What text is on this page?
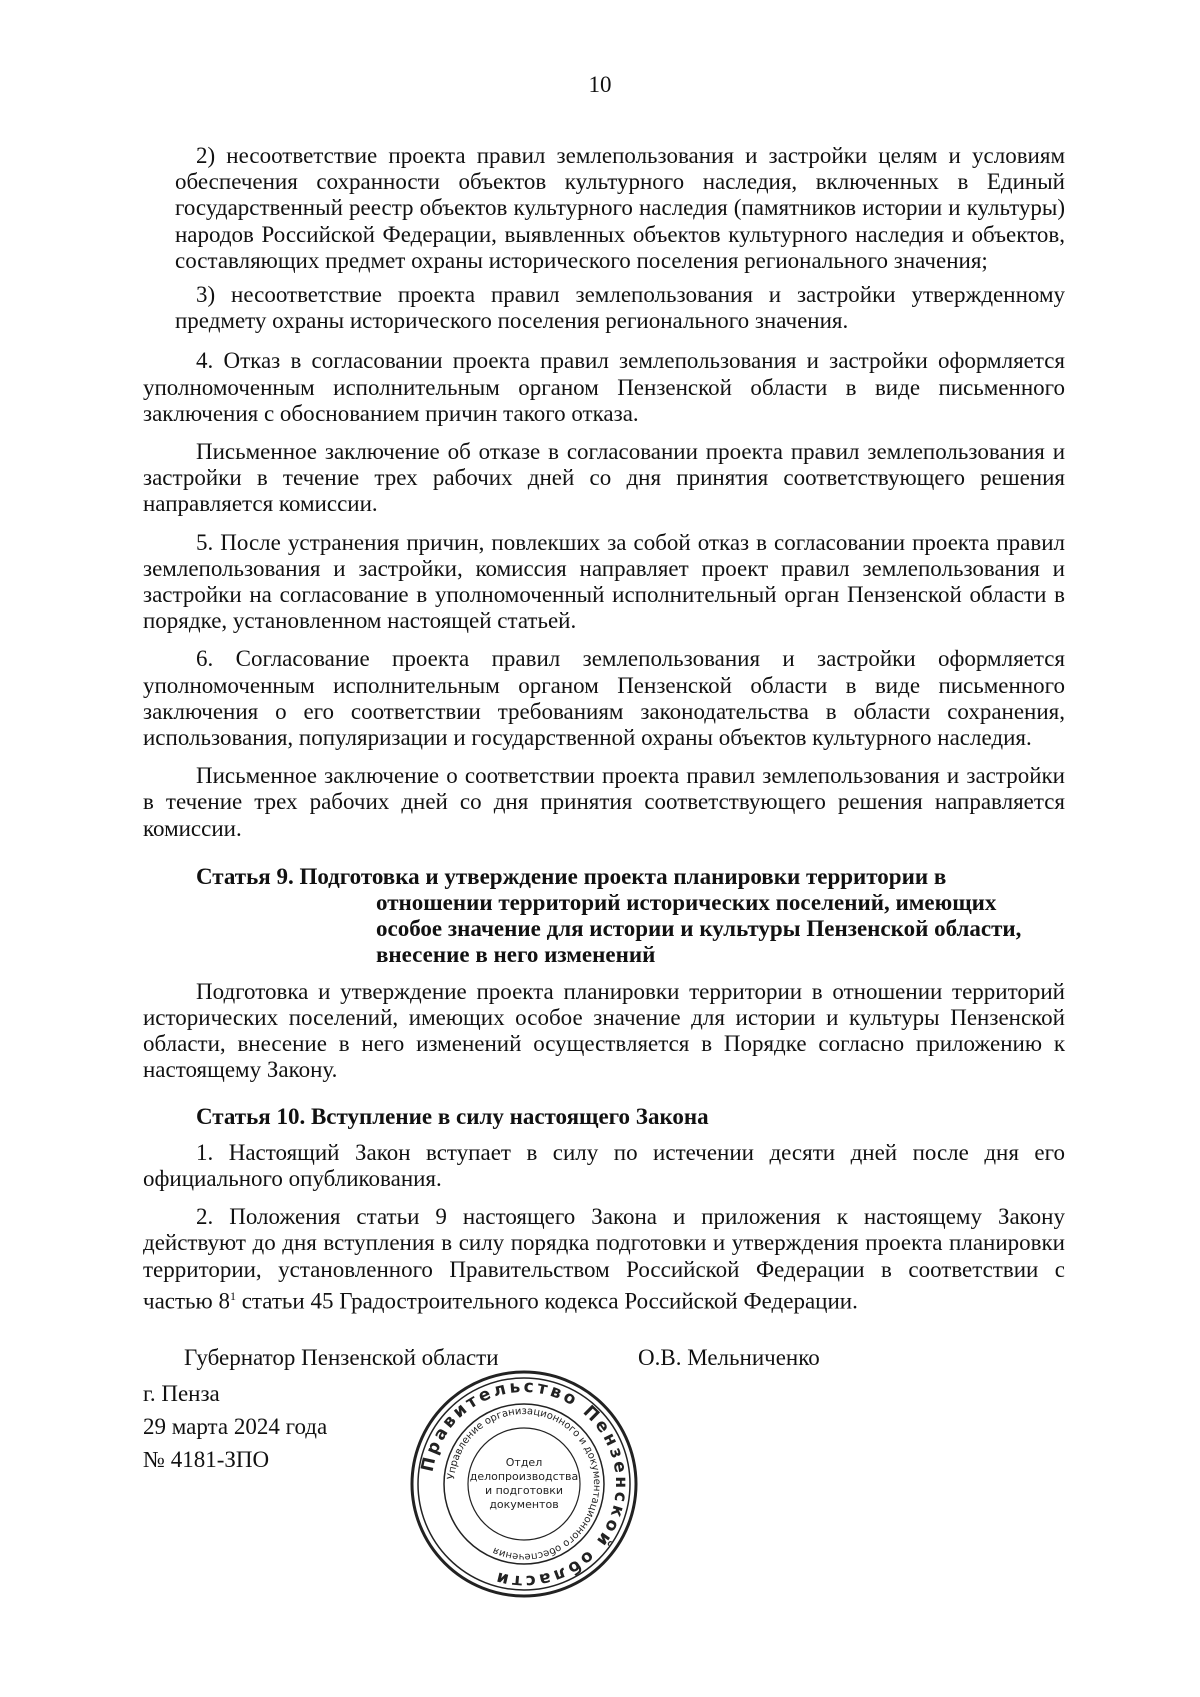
10

2) несоответствие проекта правил землепользования и застройки целям и условиям обеспечения сохранности объектов культурного наследия, включенных в Единый государственный реестр объектов культурного наследия (памятников истории и культуры) народов Российской Федерации, выявленных объектов культурного наследия и объектов, составляющих предмет охраны исторического поселения регионального значения;

3) несоответствие проекта правил землепользования и застройки утвержденному предмету охраны исторического поселения регионального значения.

4. Отказ в согласовании проекта правил землепользования и застройки оформляется уполномоченным исполнительным органом Пензенской области в виде письменного заключения с обоснованием причин такого отказа.

Письменное заключение об отказе в согласовании проекта правил землепользования и застройки в течение трех рабочих дней со дня принятия соответствующего решения направляется комиссии.

5. После устранения причин, повлекших за собой отказ в согласовании проекта правил землепользования и застройки, комиссия направляет проект правил землепользования и застройки на согласование в уполномоченный исполнительный орган Пензенской области в порядке, установленном настоящей статьей.

6. Согласование проекта правил землепользования и застройки оформляется уполномоченным исполнительным органом Пензенской области в виде письменного заключения о его соответствии требованиям законодательства в области сохранения, использования, популяризации и государственной охраны объектов культурного наследия.

Письменное заключение о соответствии проекта правил землепользования и застройки в течение трех рабочих дней со дня принятия соответствующего решения направляется комиссии.

Статья 9. Подготовка и утверждение проекта планировки территории в отношении территорий исторических поселений, имеющих особое значение для истории и культуры Пензенской области, внесение в него изменений

Подготовка и утверждение проекта планировки территории в отношении территорий исторических поселений, имеющих особое значение для истории и культуры Пензенской области, внесение в него изменений осуществляется в Порядке согласно приложению к настоящему Закону.

Статья 10. Вступление в силу настоящего Закона

1. Настоящий Закон вступает в силу по истечении десяти дней после дня его официального опубликования.

2. Положения статьи 9 настоящего Закона и приложения к настоящему Закону действуют до дня вступления в силу порядка подготовки и утверждения проекта планировки территории, установленного Правительством Российской Федерации в соответствии с частью $8^1$ статьи 45 Градостроительного кодекса Российской Федерации.

Губернатор Пензенской области	О.В. Мельниченко
г. Пенза
29 марта 2024 года
№ 4181-ЗПО	Правительство Пензенской области
Управление организационного и документационного обеспечения
Отдел
делопроизводства
и подготовки
документов
